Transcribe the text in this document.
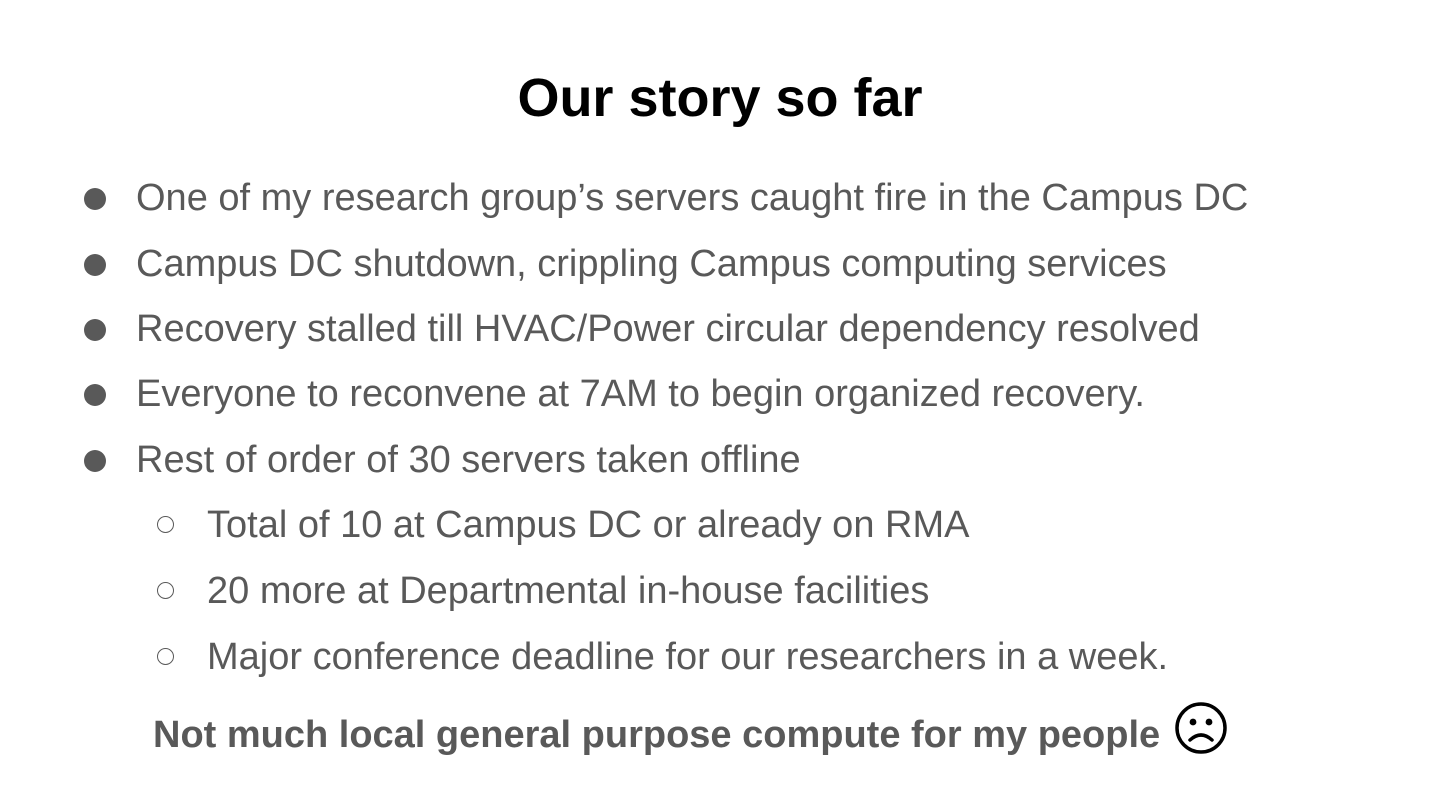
Our story so far
One of my research group’s servers caught fire in the Campus DC
Campus DC shutdown, crippling Campus computing services
Recovery stalled till HVAC/Power circular dependency resolved
Everyone to reconvene at 7AM to begin organized recovery.
Rest of order of 30 servers taken offline
Total of 10 at Campus DC or already on RMA
20 more at Departmental in-house facilities
Major conference deadline for our researchers in a week.
Not much local general purpose compute for my people
